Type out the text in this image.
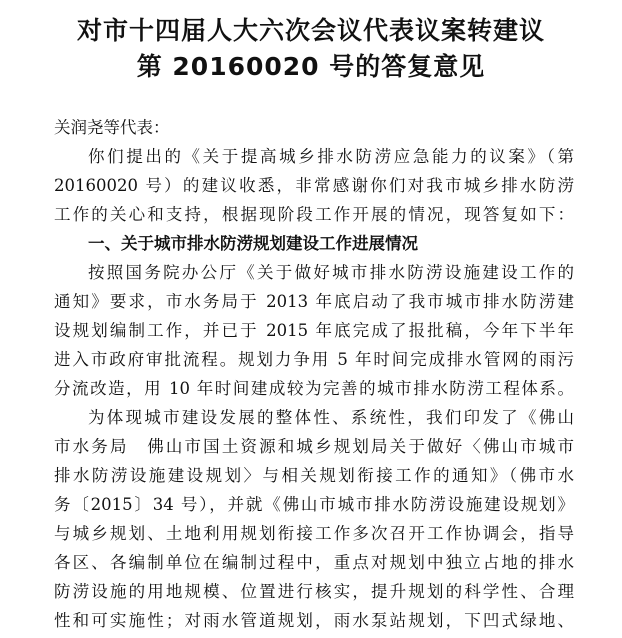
对市十四届人大六次会议代表议案转建议
第 20160020 号的答复意见
关润尧等代表：
你们提出的《关于提高城乡排水防涝应急能力的议案》（第
20160020 号）的建议收悉，非常感谢你们对我市城乡排水防涝
工作的关心和支持，根据现阶段工作开展的情况，现答复如下：
一、关于城市排水防涝规划建设工作进展情况
按照国务院办公厅《关于做好城市排水防涝设施建设工作的
通知》要求，市水务局于 2013 年底启动了我市城市排水防涝建
设规划编制工作，并已于 2015 年底完成了报批稿，今年下半年
进入市政府审批流程。规划力争用 5 年时间完成排水管网的雨污
分流改造，用 10 年时间建成较为完善的城市排水防涝工程体系。
为体现城市建设发展的整体性、系统性，我们印发了《佛山
市水务局　佛山市国土资源和城乡规划局关于做好〈佛山市城市
排水防涝设施建设规划〉与相关规划衔接工作的通知》（佛市水
务〔2015〕34 号），并就《佛山市城市排水防涝设施建设规划》
与城乡规划、土地利用规划衔接工作多次召开工作协调会，指导
各区、各编制单位在编制过程中，重点对规划中独立占地的排水
防涝设施的用地规模、位置进行核实，提升规划的科学性、合理
性和可实施性；对雨水管道规划，雨水泵站规划，下凹式绿地、
